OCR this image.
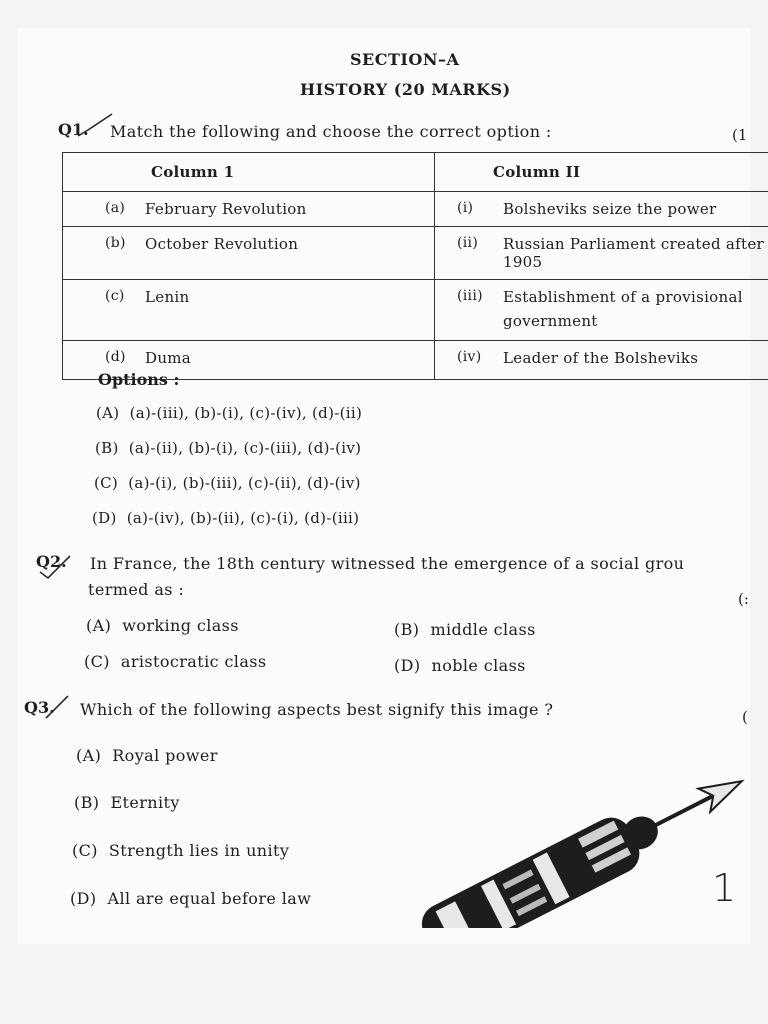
SECTION–A
HISTORY (20 MARKS)
Q1. Match the following and choose the correct option :	(1
Column 1	Column II

(a) February Revolution	(i) Bolsheviks seize the power

(b) October Revolution	(ii) Russian Parliament created after 1905

(c) Lenin	(iii) Establishment of a provisional
government

(d) Duma	(iv) Leader of the Bolsheviks
Options :
(A) (a)-(iii), (b)-(i), (c)-(iv), (d)-(ii)
(B) (a)-(ii), (b)-(i), (c)-(iii), (d)-(iv)
(C) (a)-(i), (b)-(iii), (c)-(ii), (d)-(iv)
(D) (a)-(iv), (b)-(ii), (c)-(i), (d)-(iii)
Q2. In France, the 18th century witnessed the emergence of a social grou
termed as :	(:
(A) working class	(B) middle class
(C) aristocratic class	(D) noble class
Q3. Which of the following aspects best signify this image ?	(
(A) Royal power
(B) Eternity
(C) Strength lies in unity
(D) All are equal before law	1
